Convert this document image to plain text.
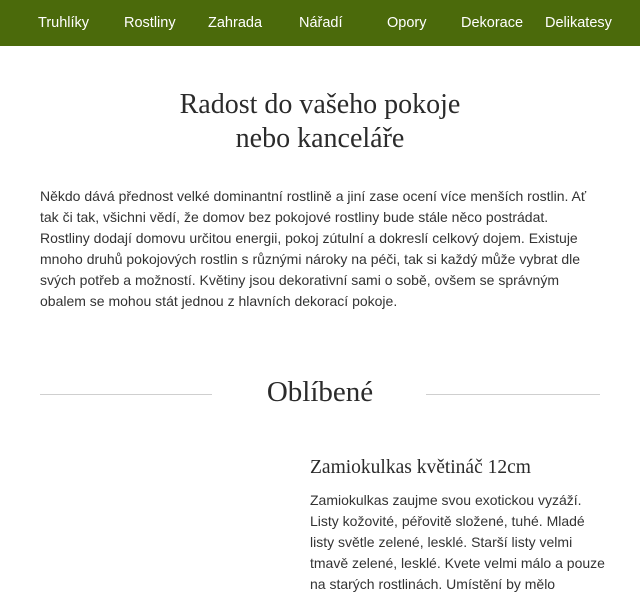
Truhlíky Rostliny Zahrada	Nářadí	Opory Dekorace Delikatesy
Radost do vašeho pokoje
nebo kanceláře

Někdo dává přednost velké dominantní rostlině a jiní zase ocení více menších rostlin. Ať tak či tak, všichni vědí, že domov bez pokojové rostliny bude stále něco postrádat. Rostliny dodají domovu určitou energii, pokoj zútulní a dokreslí celkový dojem. Existuje mnoho druhů pokojových rostlin s různými nároky na péči, tak si každý může vybrat dle svých potřeb a možností. Květiny jsou dekorativní sami o sobě, ovšem se správným obalem se mohou stát jednou z hlavních dekorací pokoje.

Oblíbené
Zamiokulkas květináč 12cm

Zamiokulkas zaujme svou exotickou vyzáží. Listy kožovité, péřovitě složené, tuhé. Mladé listy světle zelené, lesklé. Starší listy velmi tmavě zelené, lesklé. Kvete velmi málo a pouze na starých rostlinách. Umístění by mělo
